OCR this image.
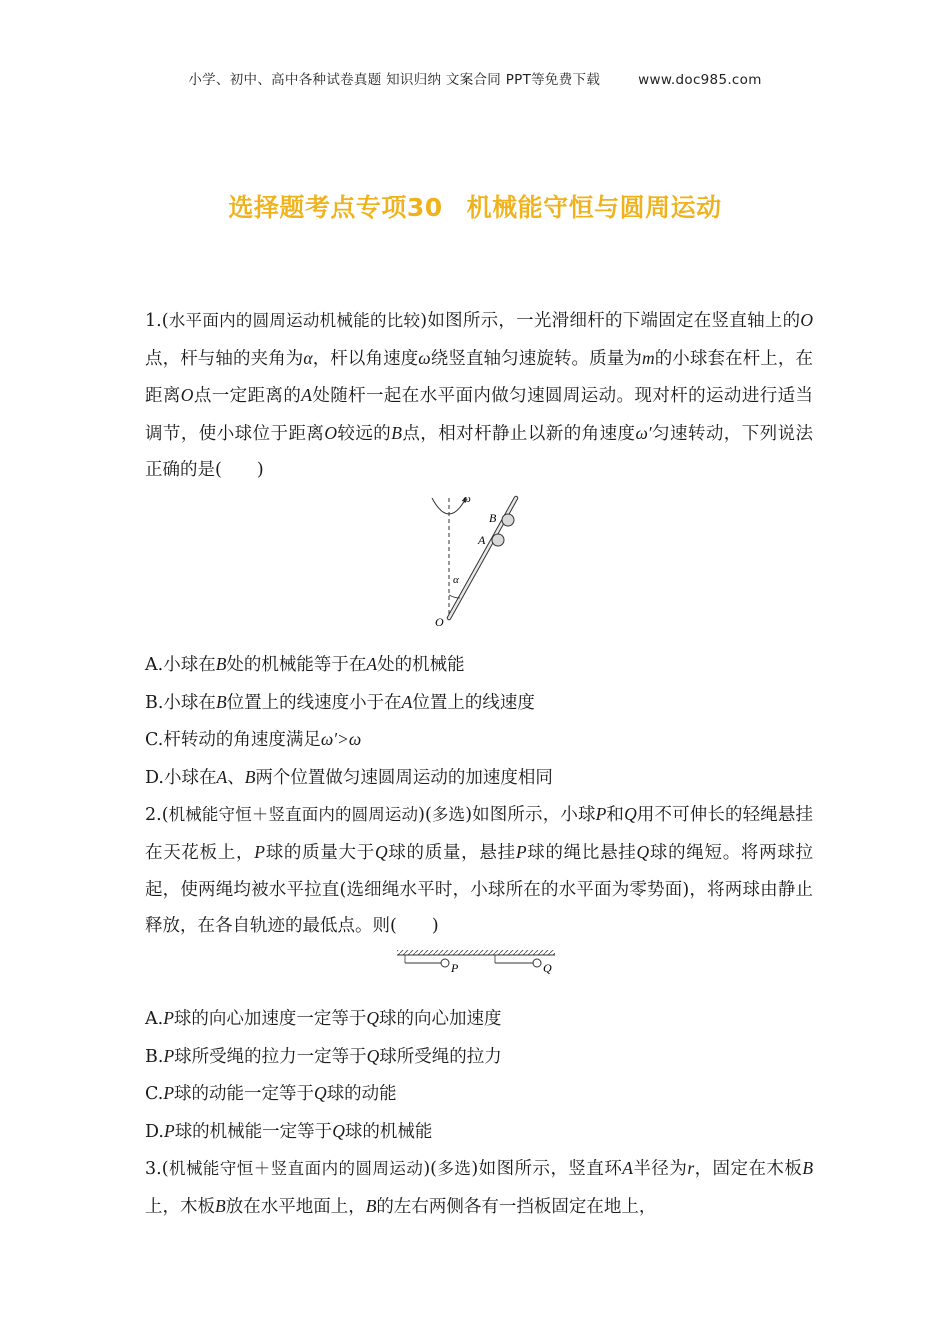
小学、初中、高中各种试卷真题 知识归纳 文案合同 PPT等免费下载	www.doc985.com
选择题考点专项30 机械能守恒与圆周运动

1.(水平面内的圆周运动机械能的比较)如图所示，一光滑细杆的下端固定在竖直轴上的O点，杆与轴的夹角为α，杆以角速度ω绕竖直轴匀速旋转。质量为m的小球套在杆上，在距离O点一定距离的A处随杆一起在水平面内做匀速圆周运动。现对杆的运动进行适当调节，使小球位于距离O较远的B点，相对杆静止以新的角速度ω′匀速转动，下列说法正确的是(　　)

ω
B
A
α
O

A.小球在B处的机械能等于在A处的机械能

B.小球在B位置上的线速度小于在A位置上的线速度

C.杆转动的角速度满足ω′>ω

D.小球在A、B两个位置做匀速圆周运动的加速度相同

2.(机械能守恒＋竖直面内的圆周运动)(多选)如图所示，小球P和Q用不可伸长的轻绳悬挂在天花板上，P球的质量大于Q球的质量，悬挂P球的绳比悬挂Q球的绳短。将两球拉起，使两绳均被水平拉直(选细绳水平时，小球所在的水平面为零势面)，将两球由静止释放，在各自轨迹的最低点。则(　　)

P	Q

A.P球的向心加速度一定等于Q球的向心加速度

B.P球所受绳的拉力一定等于Q球所受绳的拉力

C.P球的动能一定等于Q球的动能

D.P球的机械能一定等于Q球的机械能

3.(机械能守恒＋竖直面内的圆周运动)(多选)如图所示，竖直环A半径为r，固定在木板B上，木板B放在水平地面上，B的左右两侧各有一挡板固定在地上，
